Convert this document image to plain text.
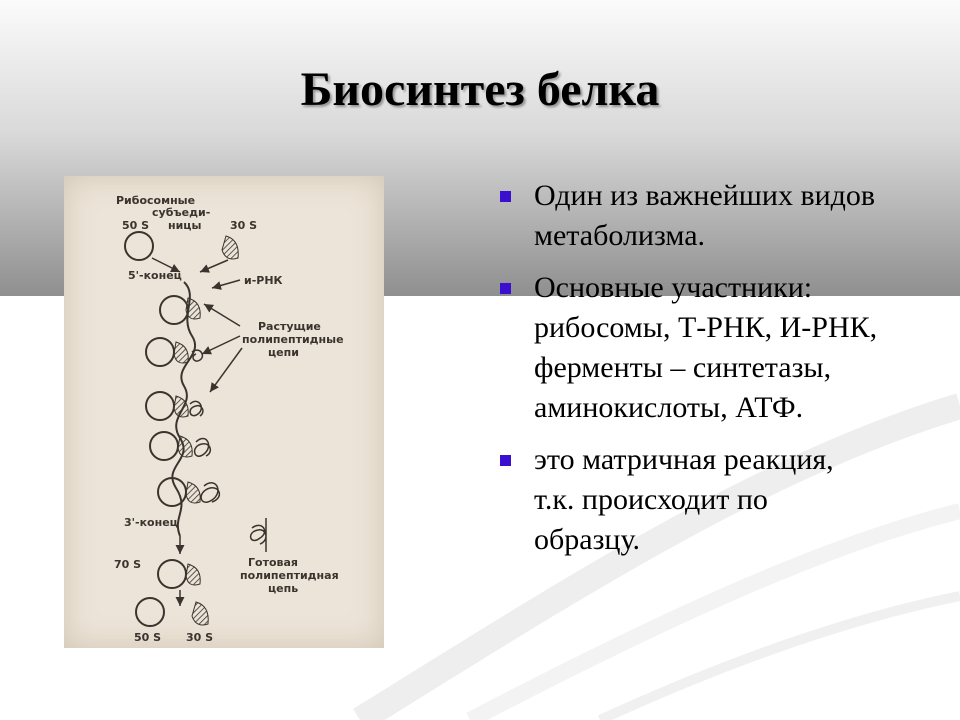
Биосинтез белка
Рибосомные
субъеди-
ницы
50 S	30 S
5'-конец	и-РНК
Растущие
полипептидные
цепи
3'-конец
70 S	Готовая
полипептидная
цепь
50 S 30 S
Один из важнейших видов метаболизма.
Основные участники: рибосомы, Т-РНК, И-РНК, ферменты – синтетазы, аминокислоты, АТФ.
это матричная реакция, т.к. происходит по образцу.
